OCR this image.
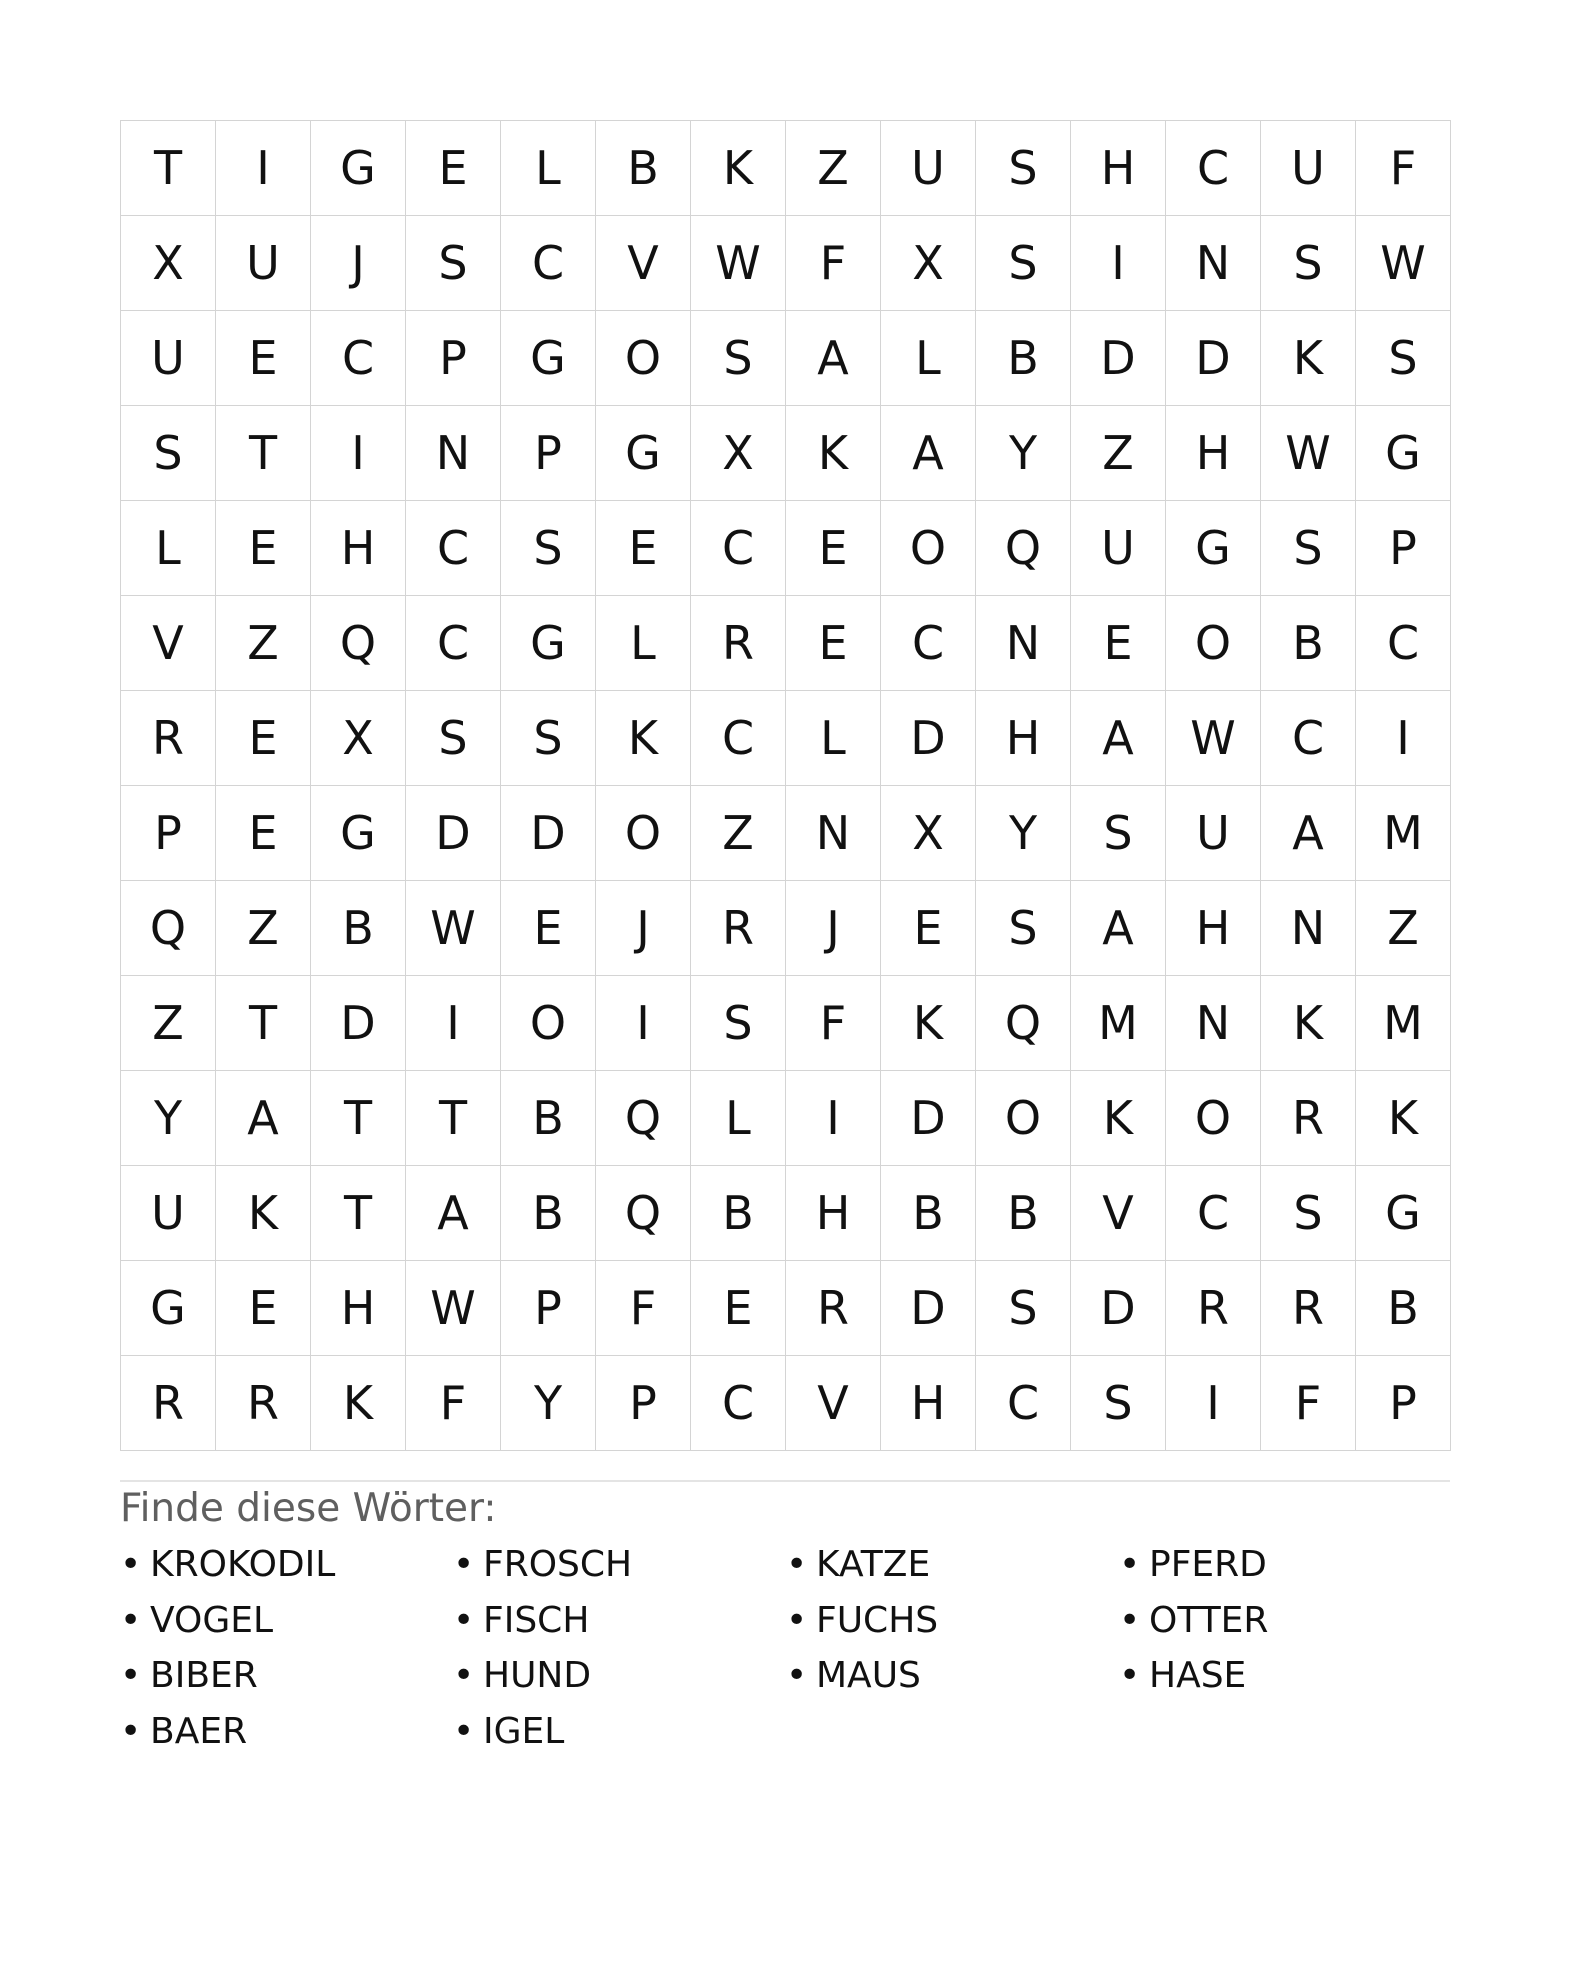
T	I	G	E	L	B	K	Z	U	S	H	C	U	F
X	U	J	S	C	V	W	F	X	S	I	N	S	W
U	E	C	P	G	O	S	A	L	B	D	D	K	S
S	T	I	N	P	G	X	K	A	Y	Z	H	W	G
L	E	H	C	S	E	C	E	O	Q	U	G	S	P
V	Z	Q	C	G	L	R	E	C	N	E	O	B	C
R	E	X	S	S	K	C	L	D	H	A	W	C	I
P	E	G	D	D	O	Z	N	X	Y	S	U	A	M
Q	Z	B	W	E	J	R	J	E	S	A	H	N	Z
Z	T	D	I	O	I	S	F	K	Q	M	N	K	M
Y	A	T	T	B	Q	L	I	D	O	K	O	R	K
U	K	T	A	B	Q	B	H	B	B	V	C	S	G
G	E	H	W	P	F	E	R	D	S	D	R	R	B
R	R	K	F	Y	P	C	V	H	C	S	I	F	P
Finde diese Wörter:
• KROKODIL	• FROSCH	• KATZE	• PFERD
• VOGEL	• FISCH	• FUCHS	• OTTER
• BIBER	• HUND	• MAUS	• HASE
• BAER	• IGEL
